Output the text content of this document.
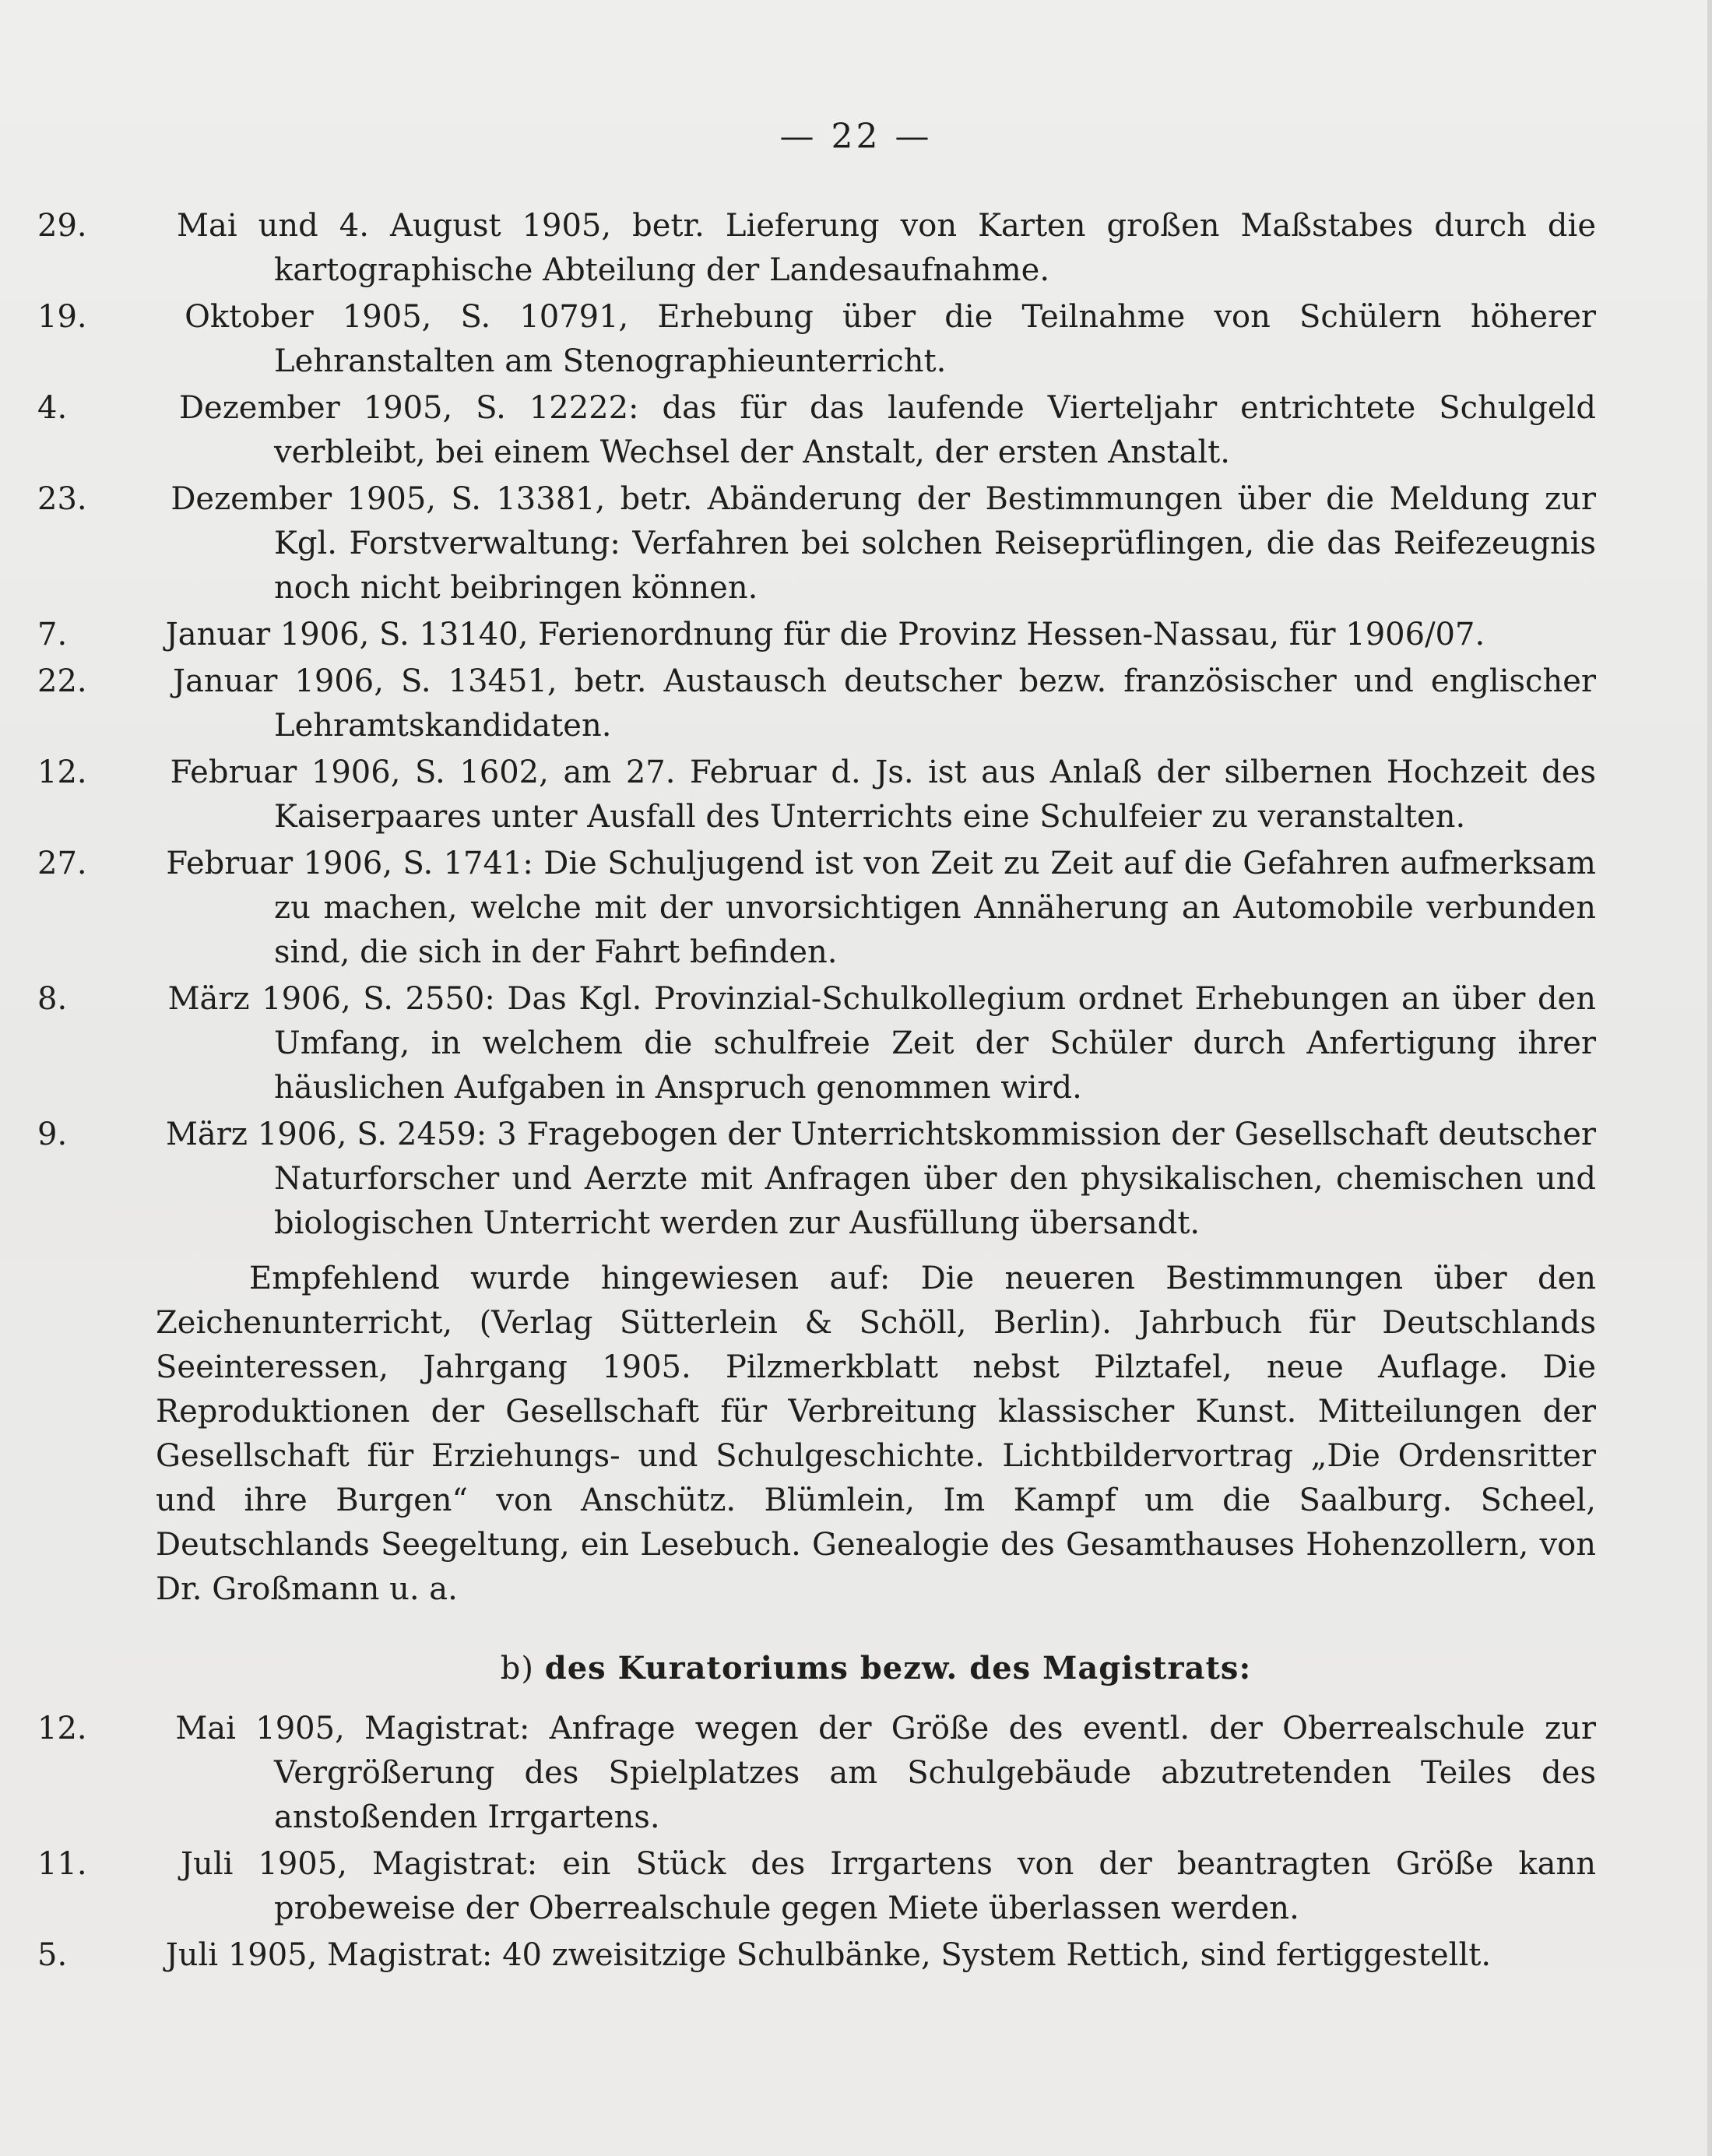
— 22 —

29.	Mai und 4. August 1905, betr. Lieferung von Karten großen Maßstabes durch die kartographische Abteilung der Landesaufnahme.

19.	Oktober 1905, S. 10791, Erhebung über die Teilnahme von Schülern höherer Lehranstalten am Stenographieunterricht.

4.	Dezember 1905, S. 12222: das für das laufende Vierteljahr entrichtete Schulgeld verbleibt, bei einem Wechsel der Anstalt, der ersten Anstalt.

23.	Dezember 1905, S. 13381, betr. Abänderung der Bestimmungen über die Meldung zur Kgl. Forstverwaltung: Verfahren bei solchen Reiseprüflingen, die das Reifezeugnis noch nicht beibringen können.

7.	Januar 1906, S. 13140, Ferienordnung für die Provinz Hessen-Nassau, für 1906/07.

22.	Januar 1906, S. 13451, betr. Austausch deutscher bezw. französischer und englischer Lehramtskandidaten.

12.	Februar 1906, S. 1602, am 27. Februar d. Js. ist aus Anlaß der silbernen Hochzeit des Kaiserpaares unter Ausfall des Unterrichts eine Schulfeier zu veranstalten.

27.	Februar 1906, S. 1741: Die Schuljugend ist von Zeit zu Zeit auf die Gefahren aufmerksam zu machen, welche mit der unvorsichtigen Annäherung an Automobile verbunden sind, die sich in der Fahrt befinden.

8.	März 1906, S. 2550: Das Kgl. Provinzial-Schulkollegium ordnet Erhebungen an über den Umfang, in welchem die schulfreie Zeit der Schüler durch Anfertigung ihrer häuslichen Aufgaben in Anspruch genommen wird.

9.	März 1906, S. 2459: 3 Fragebogen der Unterrichtskommission der Gesellschaft deutscher Naturforscher und Aerzte mit Anfragen über den physikalischen, chemischen und biologischen Unterricht werden zur Ausfüllung übersandt.

Empfehlend wurde hingewiesen auf: Die neueren Bestimmungen über den Zeichenunterricht, (Verlag Sütterlein & Schöll, Berlin). Jahrbuch für Deutschlands Seeinteressen, Jahrgang 1905. Pilzmerkblatt nebst Pilztafel, neue Auflage. Die Reproduktionen der Gesellschaft für Verbreitung klassischer Kunst. Mitteilungen der Gesellschaft für Erziehungs- und Schulgeschichte. Lichtbildervortrag „Die Ordensritter und ihre Burgen“ von Anschütz. Blümlein, Im Kampf um die Saalburg. Scheel, Deutschlands Seegeltung, ein Lesebuch. Genealogie des Gesamthauses Hohenzollern, von Dr. Großmann u. a.

b) des Kuratoriums bezw. des Magistrats:

12.	Mai 1905, Magistrat: Anfrage wegen der Größe des eventl. der Oberrealschule zur Vergrößerung des Spielplatzes am Schulgebäude abzutretenden Teiles des anstoßenden Irrgartens.

11.	Juli 1905, Magistrat: ein Stück des Irrgartens von der beantragten Größe kann probeweise der Oberrealschule gegen Miete überlassen werden.

5.	Juli 1905, Magistrat: 40 zweisitzige Schulbänke, System Rettich, sind fertiggestellt.
